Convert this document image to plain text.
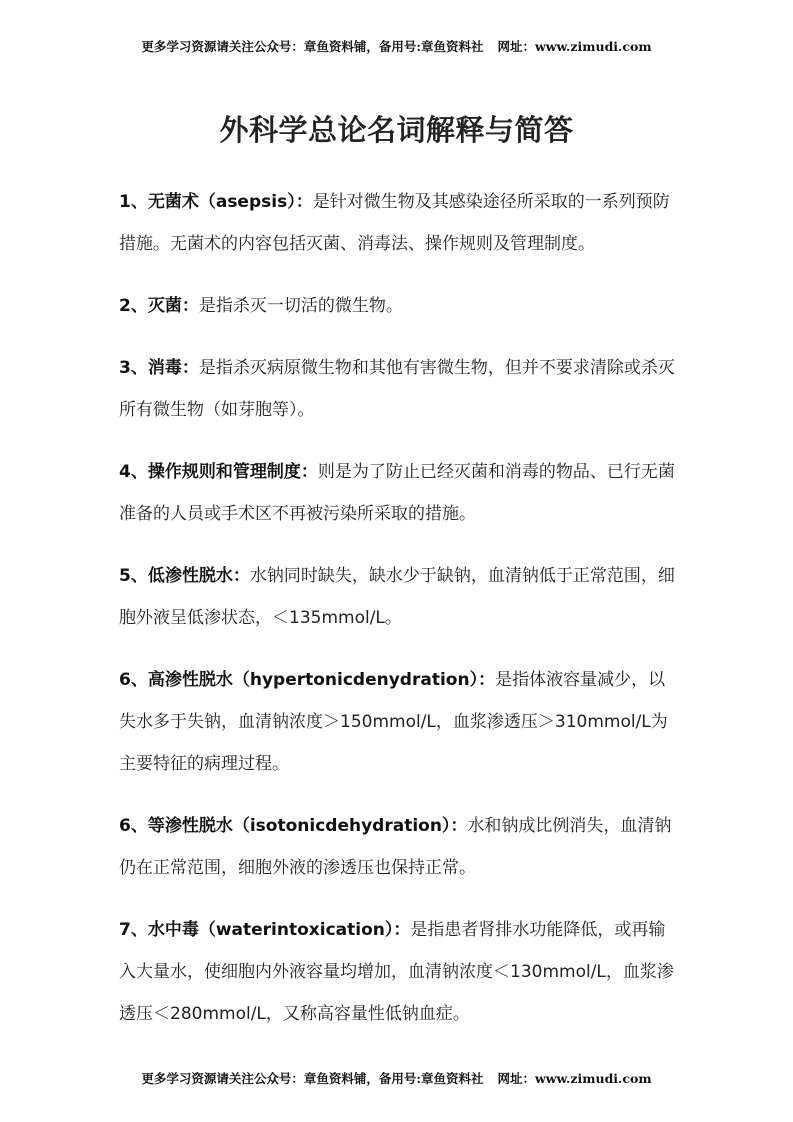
更多学习资源请关注公众号：章鱼资料铺，备用号:章鱼资料社 网址：www.zimudi.com
外科学总论名词解释与简答

1、无菌术（asepsis）：是针对微生物及其感染途径所采取的一系列预防措施。无菌术的内容包括灭菌、消毒法、操作规则及管理制度。

2、灭菌：是指杀灭一切活的微生物。

3、消毒：是指杀灭病原微生物和其他有害微生物，但并不要求清除或杀灭所有微生物（如芽胞等）。

4、操作规则和管理制度：则是为了防止已经灭菌和消毒的物品、已行无菌准备的人员或手术区不再被污染所采取的措施。

5、低渗性脱水：水钠同时缺失，缺水少于缺钠，血清钠低于正常范围，细胞外液呈低渗状态，＜135mmol/L。

6、高渗性脱水（hypertonicdenydration）：是指体液容量减少，以失水多于失钠，血清钠浓度＞150mmol/L，血浆渗透压＞310mmol/L为主要特征的病理过程。

6、等渗性脱水（isotonicdehydration）：水和钠成比例消失，血清钠仍在正常范围，细胞外液的渗透压也保持正常。

7、水中毒（waterintoxication）：是指患者肾排水功能降低，或再输入大量水，使细胞内外液容量均增加，血清钠浓度＜130mmol/L，血浆渗透压＜280mmol/L，又称高容量性低钠血症。

更多学习资源请关注公众号：章鱼资料铺，备用号:章鱼资料社 网址：www.zimudi.com
